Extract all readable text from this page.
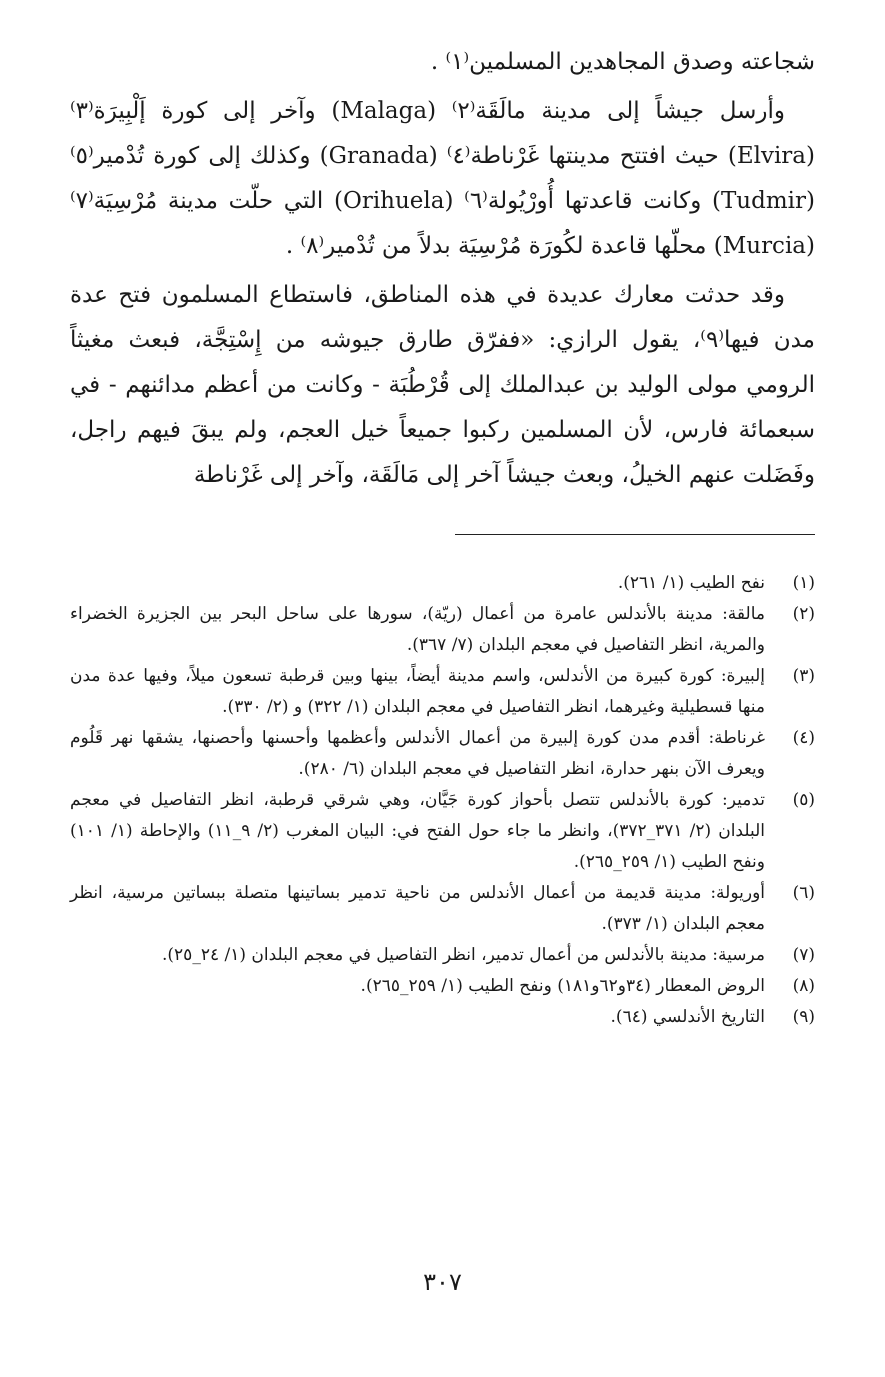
شجاعته وصدق المجاهدين المسلمين⁽١⁾ .

وأرسل جيشاً إلى مدينة مالَقَة⁽٢⁾ (Malaga) وآخر إلى كورة إَلْبِيرَة⁽٣⁾ (Elvira) حيث افتتح مدينتها غَرْناطة⁽٤⁾ (Granada) وكذلك إلى كورة تُدْمير⁽٥⁾ (Tudmir) وكانت قاعدتها أُورْيُولة⁽٦⁾ (Orihuela) التي حلّت مدينة مُرْسِيَة⁽٧⁾ (Murcia) محلّها قاعدة لكُورَة مُرْسِيَة بدلاً من تُدْمير⁽٨⁾ .

وقد حدثت معارك عديدة في هذه المناطق، فاستطاع المسلمون فتح عدة مدن فيها⁽٩⁾، يقول الرازي: «ففرّق طارق جيوشه من إِسْتِجَّة، فبعث مغيثاً الرومي مولى الوليد بن عبدالملك إلى قُرْطُبَة - وكانت من أعظم مدائنهم - في سبعمائة فارس، لأن المسلمين ركبوا جميعاً خيل العجم، ولم يبقَ فيهم راجل، وفَضَلت عنهم الخيلُ، وبعث جيشاً آخر إلى مَالَقَة، وآخر إلى غَرْناطة

(١)
نفح الطيب (١/ ٢٦١).
(٢)
مالقة: مدينة بالأندلس عامرة من أعمال (ريّة)، سورها على ساحل البحر بين الجزيرة الخضراء والمرية، انظر التفاصيل في معجم البلدان (٧/ ٣٦٧).
(٣)
إلبيرة: كورة كبيرة من الأندلس، واسم مدينة أيضاً، بينها وبين قرطبة تسعون ميلاً، وفيها عدة مدن منها قسطيلية وغيرهما، انظر التفاصيل في معجم البلدان (١/ ٣٢٢) و (٢/ ٣٣٠).
(٤)
غرناطة: أقدم مدن كورة إلبيرة من أعمال الأندلس وأعظمها وأحسنها وأحصنها، يشقها نهر قَلُوم ويعرف الآن بنهر حدارة، انظر التفاصيل في معجم البلدان (٦/ ٢٨٠).
(٥)
تدمير: كورة بالأندلس تتصل بأحواز كورة جَيَّان، وهي شرقي قرطبة، انظر التفاصيل في معجم البلدان (٢/ ٣٧١_٣٧٢)، وانظر ما جاء حول الفتح في: البيان المغرب (٢/ ٩_١١) والإحاطة (١/ ١٠١) ونفح الطيب (١/ ٢٥٩_٢٦٥).
(٦)
أوريولة: مدينة قديمة من أعمال الأندلس من ناحية تدمير بساتينها متصلة ببساتين مرسية، انظر معجم البلدان (١/ ٣٧٣).
(٧)
مرسية: مدينة بالأندلس من أعمال تدمير، انظر التفاصيل في معجم البلدان (١/ ٢٤_٢٥).
(٨)
الروض المعطار (٣٤و٦٢و١٨١) ونفح الطيب (١/ ٢٥٩_٢٦٥).
(٩)
التاريخ الأندلسي (٦٤).
٣٠٧
